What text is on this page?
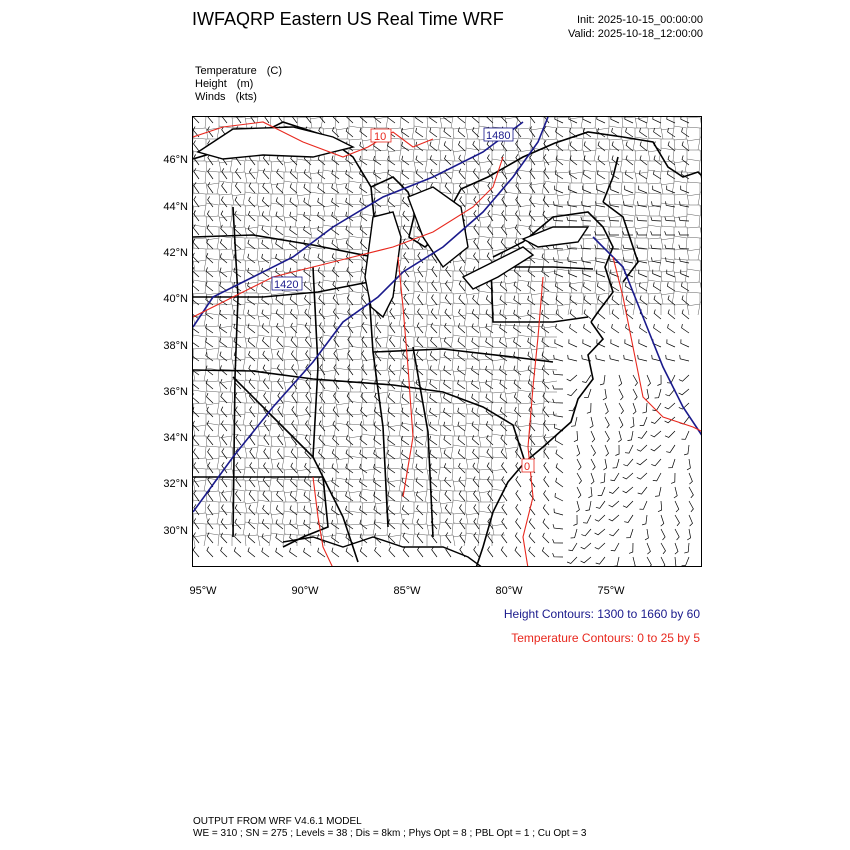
IWFAQRP Eastern US Real Time WRF	Init: 2025-10-15_00:00:00
Valid: 2025-10-18_12:00:00
Temperature (C)
Height (m)
Winds (kts)
10	1480
1420
0
46°N
44°N
42°N
40°N
38°N
36°N
34°N
32°N
30°N
95°W	90°W	85°W	80°W	75°W
Height Contours: 1300 to 1660 by 60
Temperature Contours: 0 to 25 by 5
OUTPUT FROM WRF V4.6.1 MODEL
WE = 310 ; SN = 275 ; Levels = 38 ; Dis = 8km ; Phys Opt = 8 ; PBL Opt = 1 ; Cu Opt = 3
